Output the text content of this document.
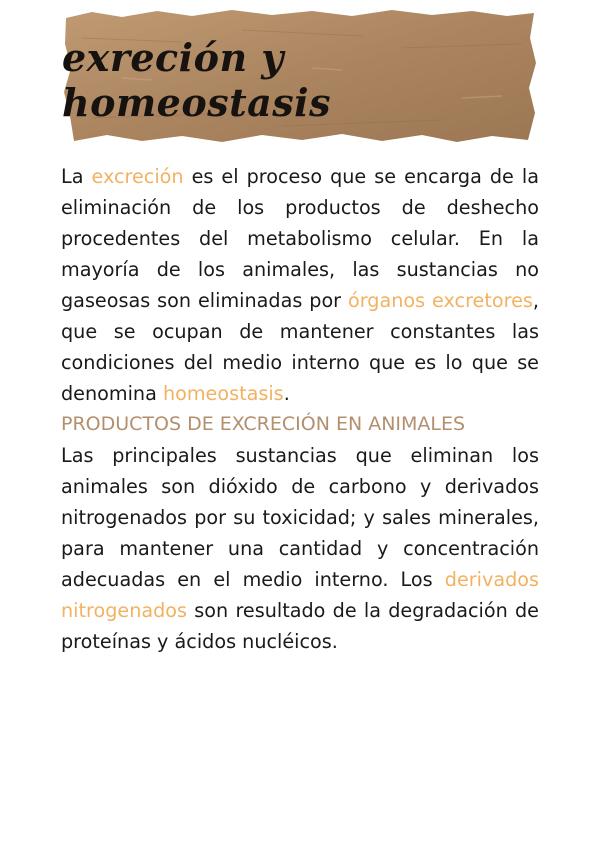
exreción y homeostasis

La excreción es el proceso que se encarga de la eliminación de los productos de deshecho procedentes del metabolismo celular. En la mayoría de los animales, las sustancias no gaseosas son eliminadas por órganos excretores, que se ocupan de mantener constantes las condiciones del medio interno que es lo que se denomina homeostasis.

PRODUCTOS DE EXCRECIÓN EN ANIMALES

Las principales sustancias que eliminan los animales son dióxido de carbono y derivados nitrogenados por su toxicidad; y sales minerales, para mantener una cantidad y concentración adecuadas en el medio interno. Los derivados nitrogenados son resultado de la degradación de proteínas y ácidos nucléicos.
